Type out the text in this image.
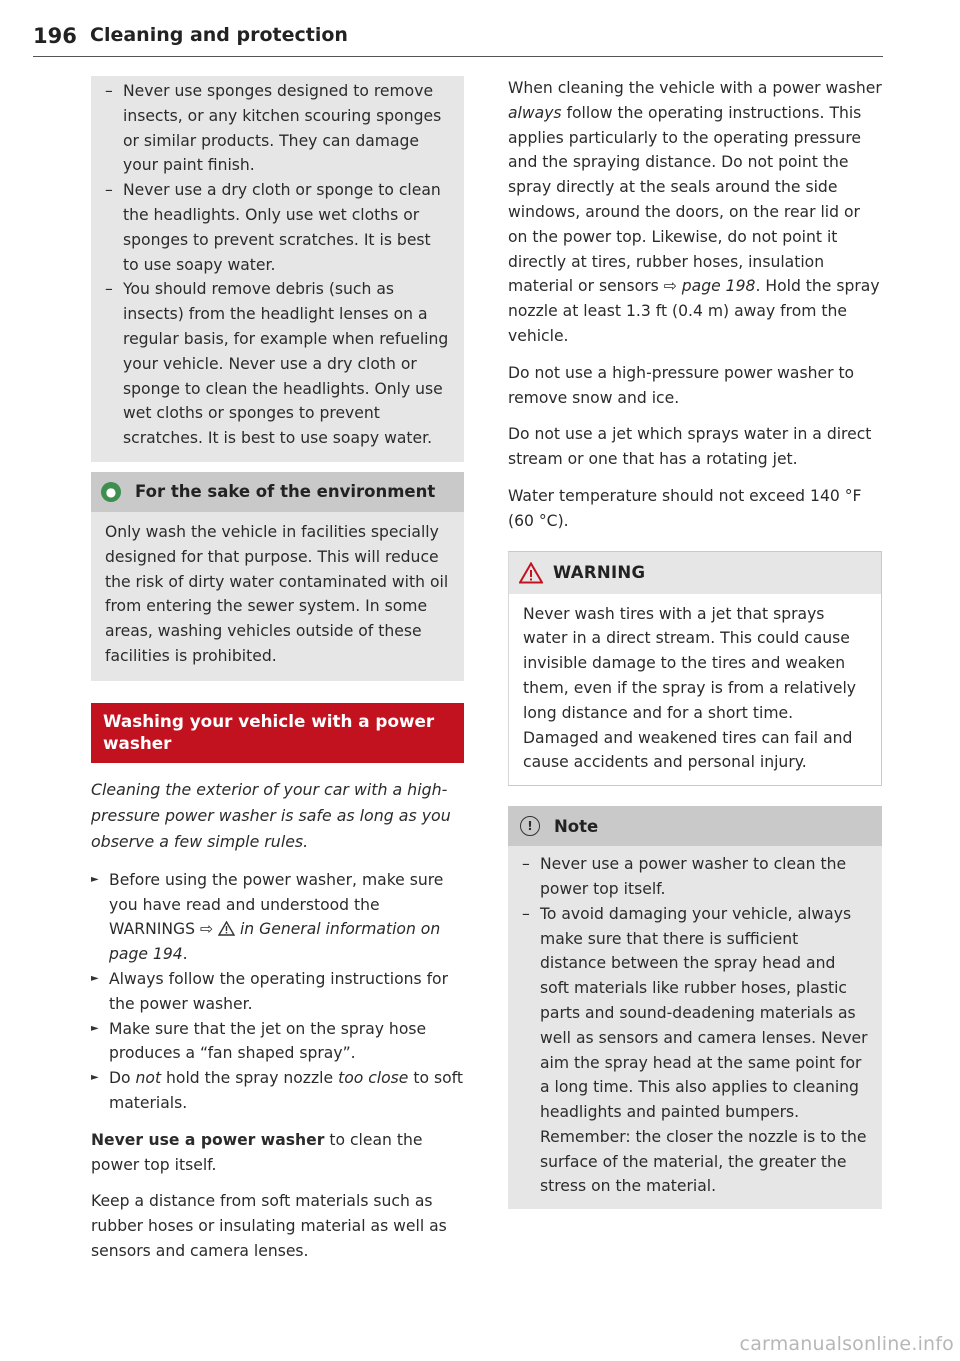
196 Cleaning and protection
– Never use sponges designed to remove insects, or any kitchen scouring sponges or similar products. They can damage your paint finish.
– Never use a dry cloth or sponge to clean the headlights. Only use wet cloths or sponges to prevent scratches. It is best to use soapy water.
– You should remove debris (such as insects) from the headlight lenses on a regular basis, for example when refueling your vehicle. Never use a dry cloth or sponge to clean the headlights. Only use wet cloths or sponges to prevent scratches. It is best to use soapy water.
● For the sake of the environment
Only wash the vehicle in facilities specially designed for that purpose. This will reduce the risk of dirty water contaminated with oil from entering the sewer system. In some areas, washing vehicles outside of these facilities is prohibited.
Washing your vehicle with a power washer

Cleaning the exterior of your car with a high-pressure power washer is safe as long as you observe a few simple rules.

► Before using the power washer, make sure you have read and understood the WARNINGS ⇨ in General information on page 194.
► Always follow the operating instructions for the power washer.
► Make sure that the jet on the spray hose produces a “fan shaped spray”.
► Do not hold the spray nozzle too close to soft materials.

Never use a power washer to clean the power top itself.

Keep a distance from soft materials such as rubber hoses or insulating material as well as sensors and camera lenses.

When cleaning the vehicle with a power washer always follow the operating instructions. This applies particularly to the operating pressure and the spraying distance. Do not point the spray directly at the seals around the side windows, around the doors, on the rear lid or on the power top. Likewise, do not point it directly at tires, rubber hoses, insulation material or sensors ⇨ page 198. Hold the spray nozzle at least 1.3 ft (0.4 m) away from the vehicle.

Do not use a high-pressure power washer to remove snow and ice.

Do not use a jet which sprays water in a direct stream or one that has a rotating jet.

Water temperature should not exceed 140 °F (60 °C).

WARNING
Never wash tires with a jet that sprays water in a direct stream. This could cause invisible damage to the tires and weaken them, even if the spray is from a relatively long distance and for a short time. Damaged and weakened tires can fail and cause accidents and personal injury.
!	Note
– Never use a power washer to clean the power top itself.
– To avoid damaging your vehicle, always make sure that there is sufficient distance between the spray head and soft materials like rubber hoses, plastic parts and sound-deadening materials as well as sensors and camera lenses. Never aim the spray head at the same point for a long time. This also applies to cleaning headlights and painted bumpers. Remember: the closer the nozzle is to the surface of the material, the greater the stress on the material.
carmanualsonline.info
